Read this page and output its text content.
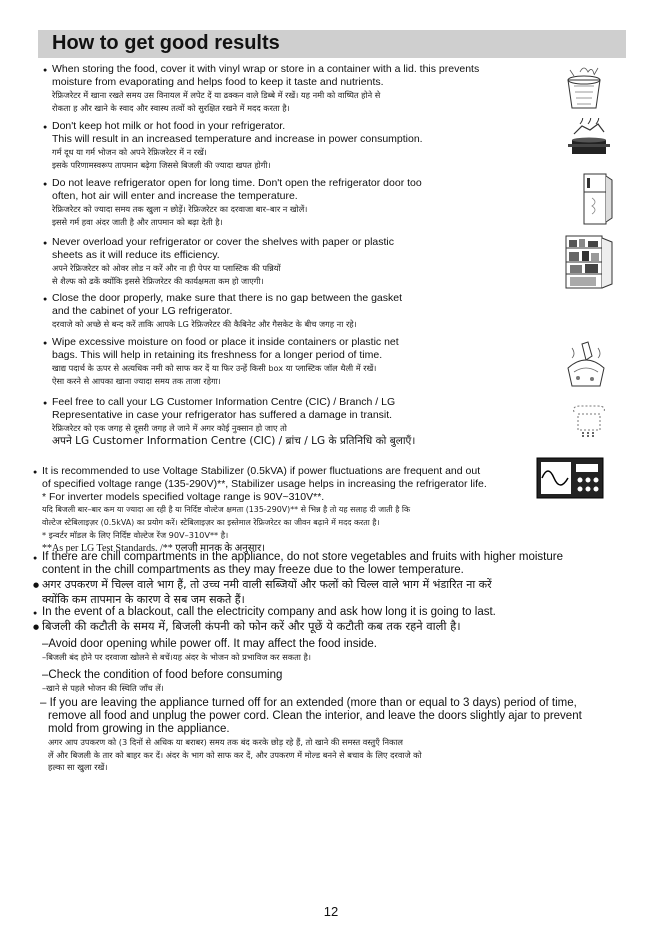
How to get good results
● When storing the food, cover it with vinyl wrap or store in a container with a lid. this prevents
moisture from evaporating and helps food to keep it taste and nutrients.
रेफ्रिजरेटर में खाना रखते समय उस विनायल में लपेट दें या ढक्कन वाले डिब्बे में रखें। यह नमी को वाष्पित होने से
रोकता ह और खाने के स्वाद और स्वास्थ तत्वों को सुरक्षित रखने में मदद करता है।
● Don't keep hot milk or hot food in your refrigerator.
This will result in an increased temperature and increase in power consumption.
गर्म दूध या गर्म भोजन को अपने रेफ्रिजरेटर में न रखें।
इसके परिणामस्वरूप तापमान बढ़ेगा जिससे बिजली की ज्यादा खपत होगी।
● Do not leave refrigerator open for long time. Don't open the refrigerator door too
often, hot air will enter and increase the temperature.
रेफ्रिजरेटर को ज्यादा समय तक खुला न छोड़ें। रेफ्रिजरेटर का दरवाजा बार–बार न खोलें।
इससे गर्म हवा अंदर जाती है और तापमान को बढ़ा देती है।
● Never overload your refrigerator or cover the shelves with paper or plastic
sheets as it will reduce its efficiency.
अपने रेफ्रिजरेटर को ओवर लोड न करें और ना ही पेपर या प्लास्टिक की पन्नियों
से शैल्फ को ढकें क्योंकि इससे रेफ्रिजरेटर की कार्यक्षमता कम हो जाएगी।
● Close the door properly, make sure that there is no gap between the gasket
and the cabinet of your LG refrigerator.
दरवाजे को अच्छे से बन्द करें ताकि आपके LG रेफ्रिजरेटर की कैबिनेट और गैसकेट के बीच जगह ना रहे।
● Wipe excessive moisture on food or place it inside containers or plastic net
bags. This will help in retaining its freshness for a longer period of time.
खाद्य पदार्थ के ऊपर से अत्यधिक नमी को साफ कर दें या फिर उन्हें किसी box या प्लास्टिक जॉल थैली में रखें।
ऐसा करने से आपका खाना ज्यादा समय तक ताजा रहेगा।
● Feel free to call your LG Customer Information Centre (CIC) / Branch / LG
Representative in case your refrigerator has suffered a damage in transit.
रेफ्रिजरेटर को एक जगह से दूसरी जगह ले जाने में अगर कोई नुक्सान हो जाए तो
अपने LG Customer Information Centre (CIC) / ब्रांच / LG के प्रतिनिधि को बुलाएँ।
● It is recommended to use Voltage Stabilizer (0.5kVA) if power fluctuations are frequent and out
of specified voltage range (135-290V)**, Stabilizer usage helps in increasing the refrigerator life.
* For inverter models specified voltage range is 90V~310V**.
यदि बिजली बार–बार कम या ज्यादा आ रही है या निर्दिष्ट वोल्टेज क्षमता (135-290V)** से भिन्न है तो यह सलाह दी जाती है कि
वोल्टेज स्टेबिलाइज़र (0.5kVA) का प्रयोग करें। स्टेबिलाइज़र का इस्तेमाल रेफ्रिजरेटर का जीवन बढ़ाने में मदद करता है।
* इन्वर्टर मॉडल के लिए निर्दिष्ट वोल्टेज रेंज 90V–310V** है।
**As per LG Test Standards. /** एलजी मानक के अनुसार।
● If there are chill compartments in the appliance, do not store vegetables and fruits with higher moisture
content in the chill compartments as they may freeze due to the lower temperature.
● अगर उपकरण में चिल्ल वाले भाग हैं, तो उच्च नमी वाली सब्जियों और फलों को चिल्ल वाले भाग में भंडारित ना करें
क्योंकि कम तापमान के कारण वे सब जम सकते हैं।
● In the event of a blackout, call the electricity company and ask how long it is going to last.
● बिजली की कटौती के समय में, बिजली कंपनी को फोन करें और पूछें ये कटौती कब तक रहने वाली है।
–Avoid door opening while power off. It may affect the food inside.
–बिजली बंद होने पर दरवाजा खोलने से बचें।यह अंदर के भोजन को प्रभाविज कर सकता है।
–Check the condition of food before consuming
–खाने से पहले भोजन की स्थिति जाँच लें।
– If you are leaving the appliance turned off for an extended (more than or equal to 3 days) period of time,
remove all food and unplug the power cord. Clean the interior, and leave the doors slightly ajar to prevent
mold from growing in the appliance.
अगर आप उपकरण को (3 दिनों से अधिक या बराबर) समय तक बंद करके छोड़ रहे हैं, तो खाने की समस्त वस्तुएँ निकाल
लें और बिजली के तार को बाहर कर दें। अंदर के भाग को साफ कर दें, और उपकरण में मोल्ड बनने से बचाव के लिए दरवाजे को
हल्का सा खुला रखें।
12
